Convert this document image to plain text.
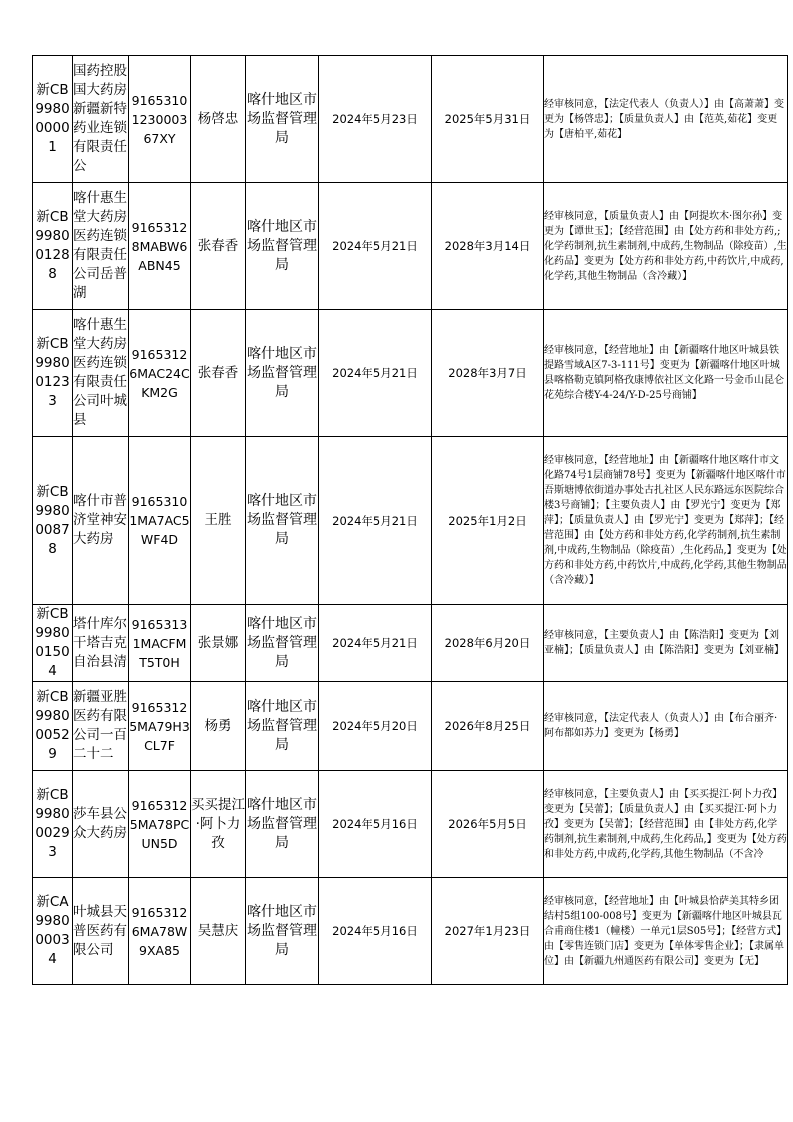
新CB998000001	国药控股国大药房新疆新特药业连锁有限责任公	9165310123000367XY	杨啓忠	喀什地区市场监督管理局	2024年5月23日	2025年5月31日	经审核同意，【法定代表人（负责人）】由【高萧萧】变更为【杨啓忠】；【质量负责人】由【范英,茹花】变更为【唐柏平,茹花】

新CB998001288	喀什惠生堂大药房医药连锁有限责任公司岳普湖	91653128MABW6ABN45	张春香	喀什地区市场监督管理局	2024年5月21日	2028年3月14日	经审核同意，【质量负责人】由【阿提坎木·图尔孙】变更为【谭世玉】；【经营范围】由【处方药和非处方药,;化学药制剂,抗生素制剂,中成药,生物制品（除疫苗）,生化药品】变更为【处方药和非处方药,中药饮片,中成药,化学药,其他生物制品（含冷藏）】

新CB998001233	喀什惠生堂大药房医药连锁有限责任公司叶城县	91653126MAC24CKM2G	张春香	喀什地区市场监督管理局	2024年5月21日	2028年3月7日	经审核同意，【经营地址】由【新疆喀什地区叶城县铁提路雪域A区7-3-111号】变更为【新疆喀什地区叶城县喀格勒克镇阿格孜康博依社区文化路一号金币山昆仑花苑综合楼Y-4-24/Y-D-25号商铺】

新CB998000878	喀什市普济堂神安大药房	91653101MA7AC5WF4D	王胜	喀什地区市场监督管理局	2024年5月21日	2025年1月2日	经审核同意，【经营地址】由【新疆喀什地区喀什市文化路74号1层商铺78号】变更为【新疆喀什地区喀什市吾斯塘博依街道办事处古扎社区人民东路远东医院综合楼3号商铺】；【主要负责人】由【罗光宁】变更为【郑萍】；【质量负责人】由【罗光宁】变更为【郑萍】；【经营范围】由【处方药和非处方药,化学药制剂,抗生素制剂,中成药,生物制品（除疫苗）,生化药品,】变更为【处方药和非处方药,中药饮片,中成药,化学药,其他生物制品（含冷藏）】

新CB998001504	塔什库尔干塔吉克自治县清	91653131MACFMT5T0H	张景娜	喀什地区市场监督管理局	2024年5月21日	2028年6月20日	经审核同意，【主要负责人】由【陈浩阳】变更为【刘亚楠】；【质量负责人】由【陈浩阳】变更为【刘亚楠】

新CB998000529	新疆亚胜医药有限公司一百二十二	91653125MA79H3CL7F	杨勇	喀什地区市场监督管理局	2024年5月20日	2026年8月25日	经审核同意，【法定代表人（负责人）】由【布合丽齐·阿布都如苏力】变更为【杨勇】

新CB998000293	莎车县公众大药房	91653125MA78PCUN5D	买买提江·阿卜力孜	喀什地区市场监督管理局	2024年5月16日	2026年5月5日	经审核同意，【主要负责人】由【买买提江·阿卜力孜】变更为【吴蕾】；【质量负责人】由【买买提江·阿卜力孜】变更为【吴蕾】；【经营范围】由【非处方药,化学药制剂,抗生素制剂,中成药,生化药品,】变更为【处方药和非处方药,中成药,化学药,其他生物制品（不含冷

新CA998000034	叶城县天普医药有限公司	91653126MA78W9XA85	吴慧庆	喀什地区市场监督管理局	2024年5月16日	2027年1月23日	经审核同意，【经营地址】由【叶城县恰萨美其特乡团结村5组100-008号】变更为【新疆喀什地区叶城县瓦合甫商住楼1（幢楼）一单元1层S05号】；【经营方式】由【零售连锁门店】变更为【单体零售企业】；【隶属单位】由【新疆九州通医药有限公司】变更为【无】
